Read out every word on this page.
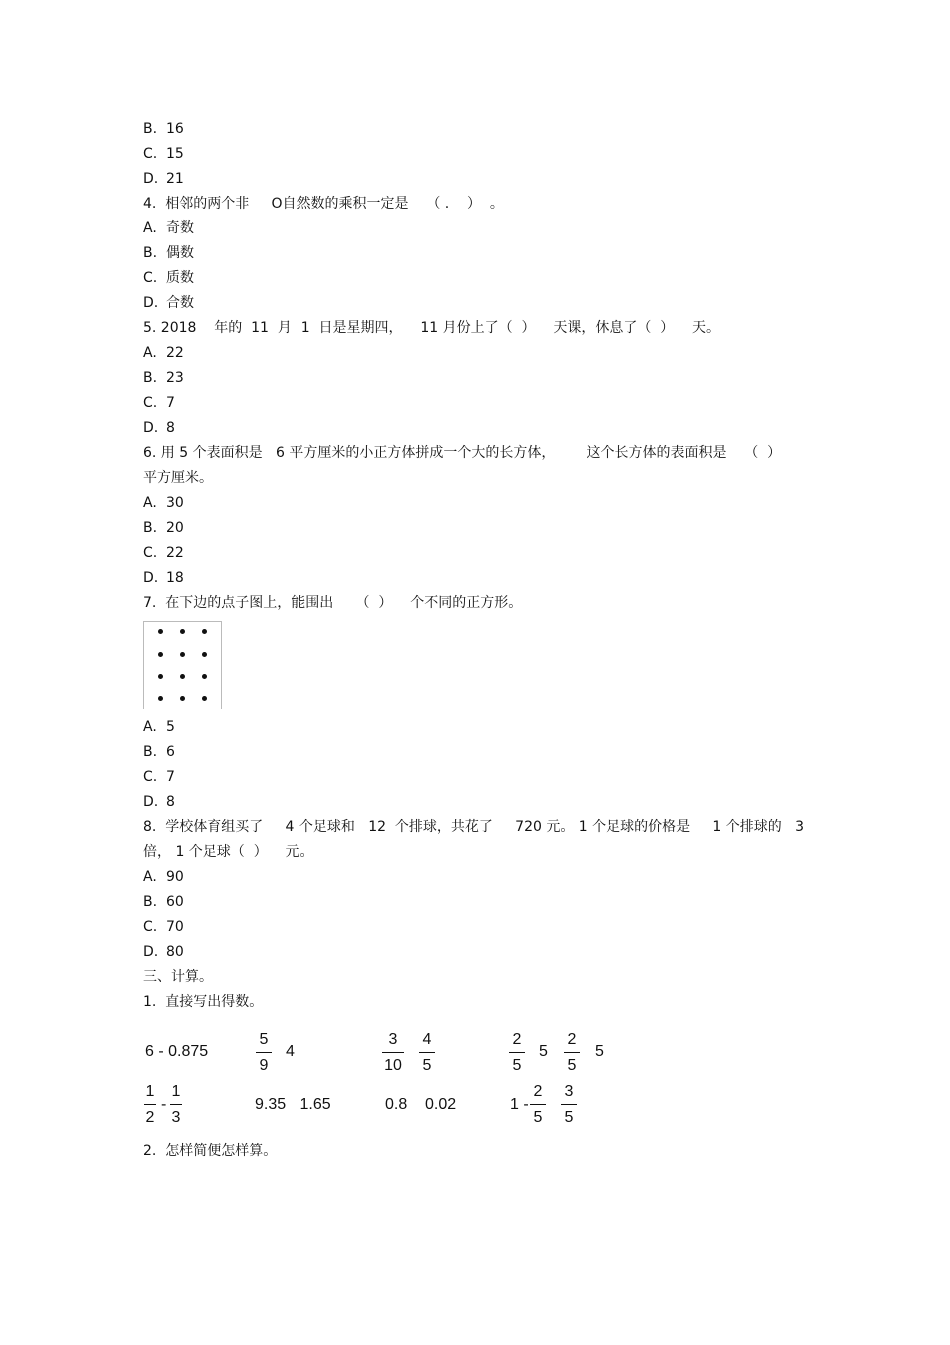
B. 16
C. 15
D. 21
4.  相邻的两个非     O自然数的乘积一定是    （ .    ）  。
A. 奇数
B. 偶数
C. 质数
D. 合数
5. 2018    年的  11  月  1  日是星期四，    11 月份上了（  ）    天课，休息了（  ）    天。
A. 22
B. 23
C. 7
D. 8
6. 用 5 个表面积是   6 平方厘米的小正方体拼成一个大的长方体，       这个长方体的表面积是    （  ）
平方厘米。
A. 30
B. 20
C. 22
D. 18
7.  在下边的点子图上，能围出     （  ）    个不同的正方形。
A. 5
B. 6
C. 7
D. 8
8.  学校体育组买了     4 个足球和   12  个排球，共花了     720 元。 1 个足球的价格是     1 个排球的   3
倍， 1 个足球（  ）    元。
A. 90
B. 60
C. 70
D. 80
三、计算。
1.  直接写出得数。
6 - 0.875
5
9
4
3
10
4
5
2
5
5
2
5
5
1
2
-
1
3
9.35   1.65	0.8    0.02	1 -
2
5
3
5
2.  怎样简便怎样算。
